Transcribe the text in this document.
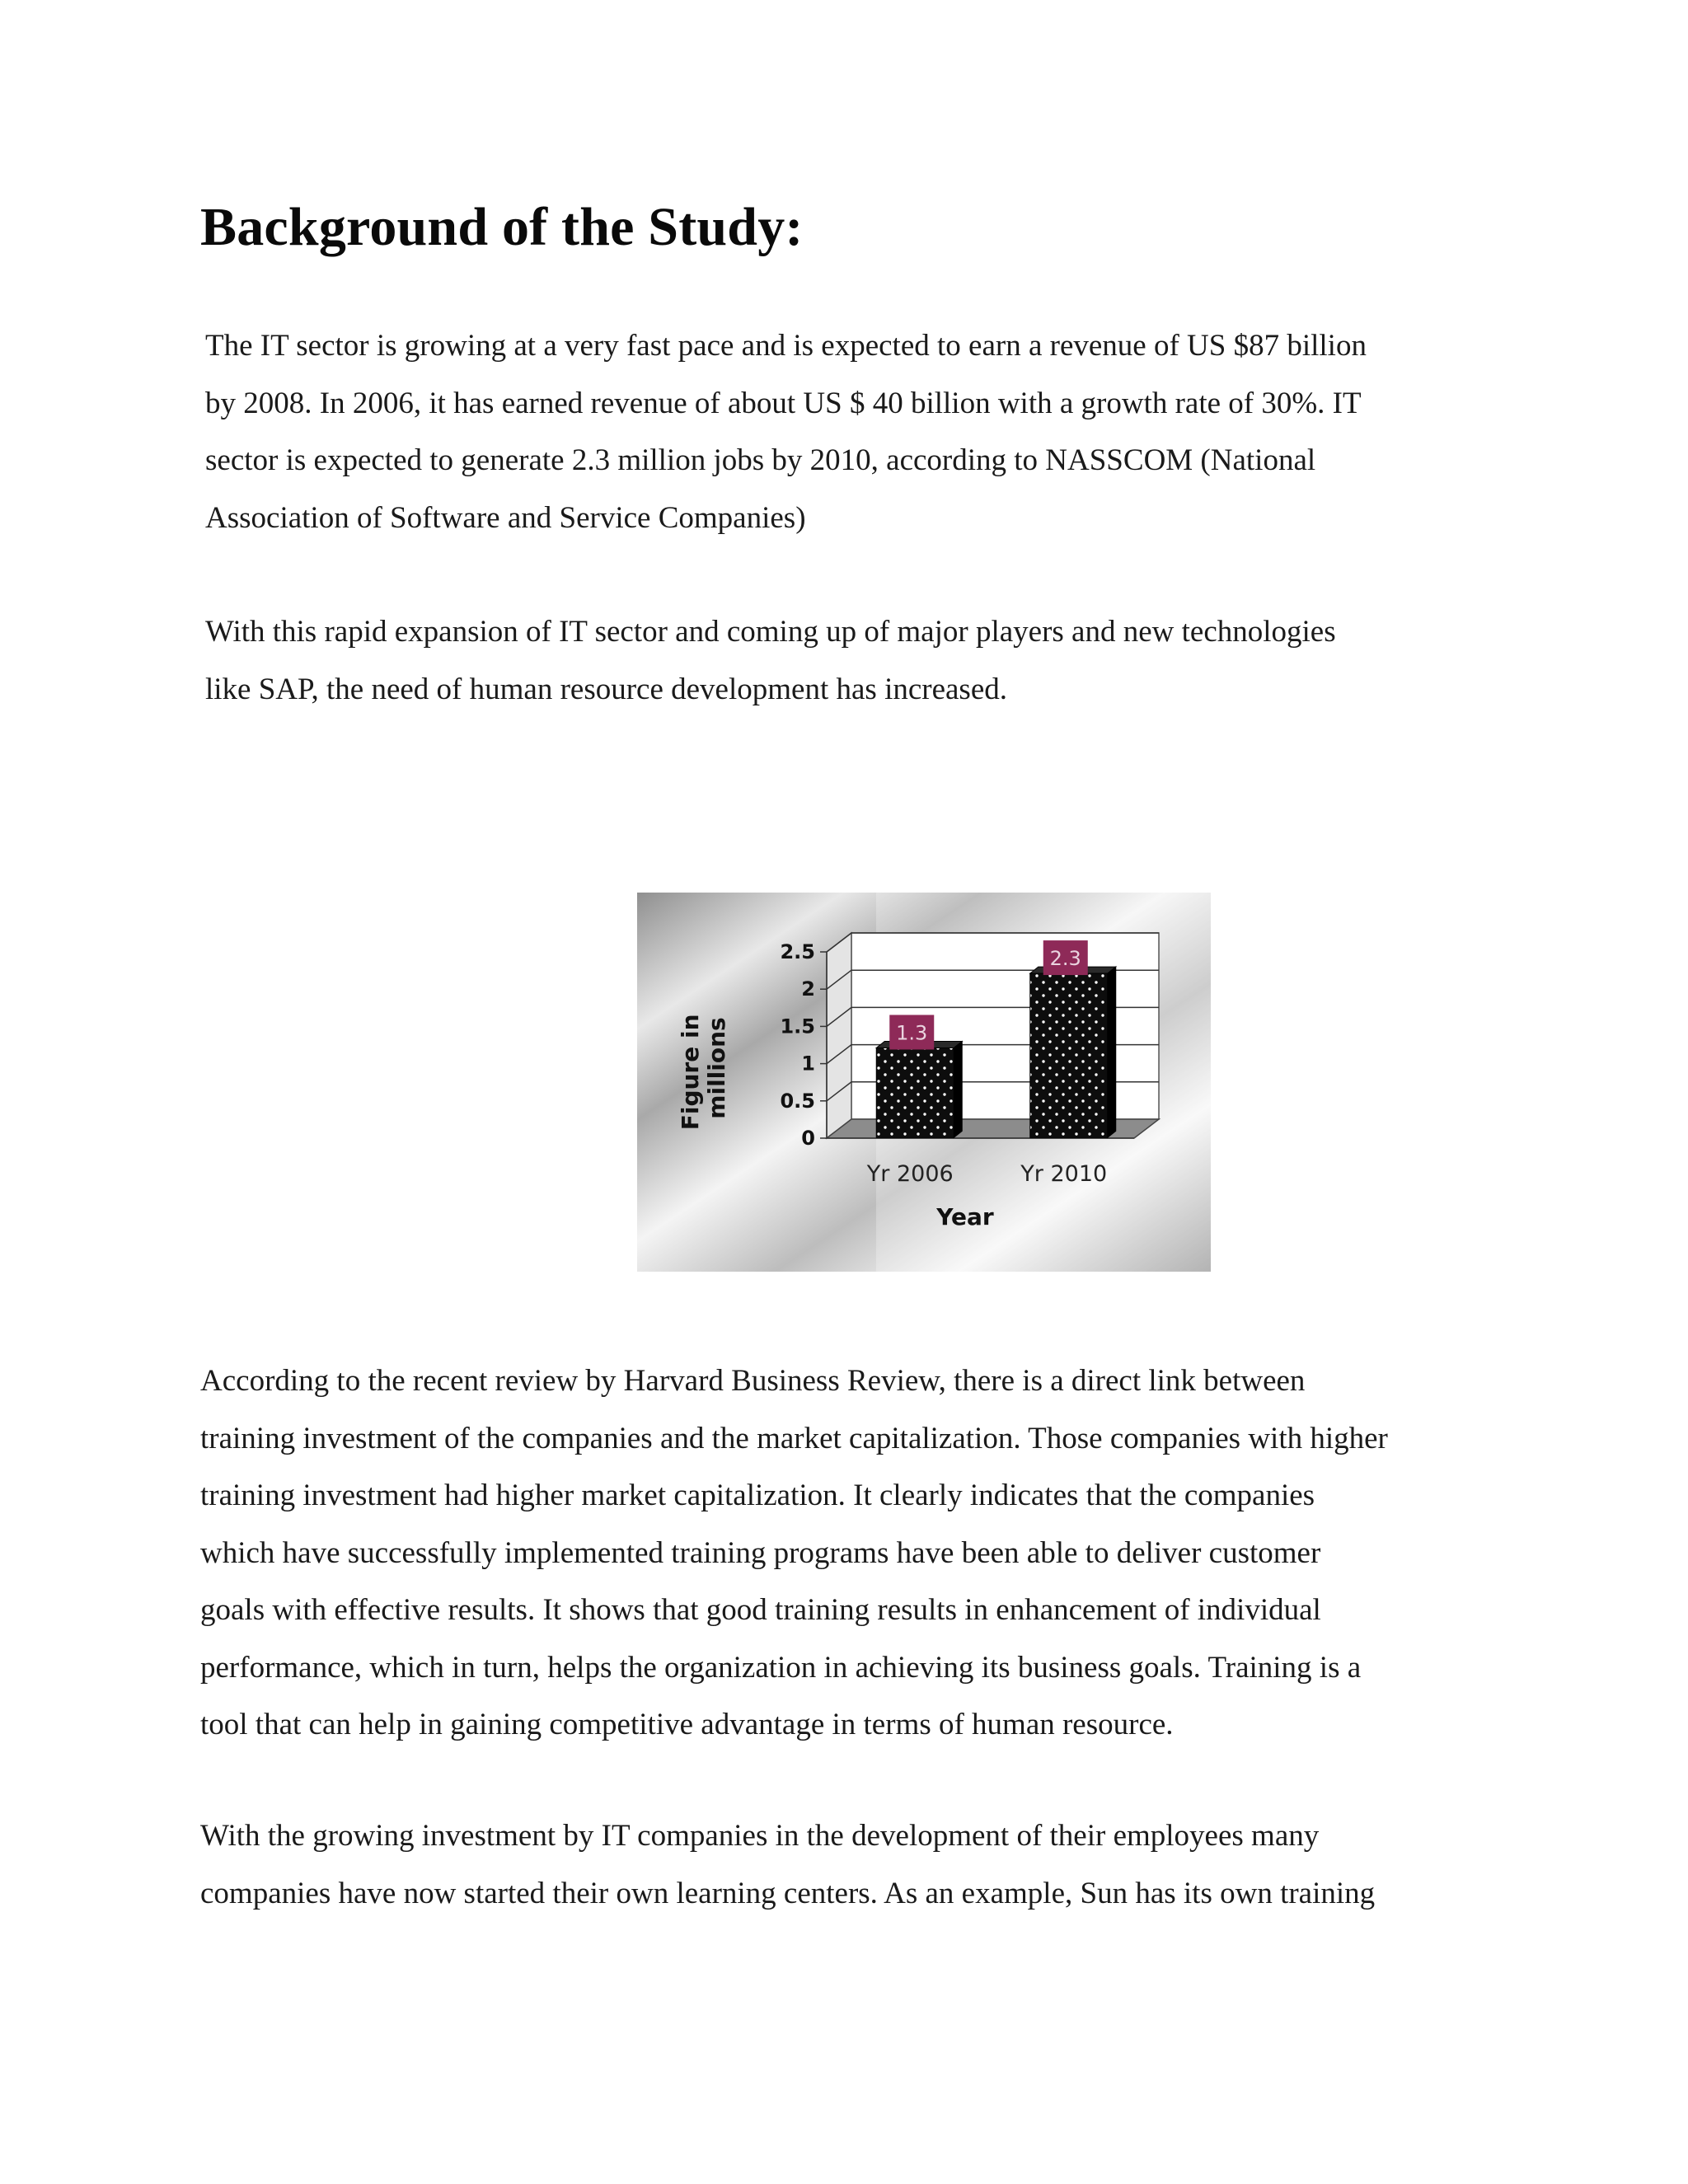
Background of the Study:
The IT sector is growing at a very fast pace and is expected to earn a revenue of US $87 billion
by 2008. In 2006, it has earned revenue of about US $ 40 billion with a growth rate of 30%. IT
sector is expected to generate 2.3 million jobs by 2010, according to NASSCOM (National
Association of Software and Service Companies)
With this rapid expansion of IT sector and coming up of major players and new technologies
like SAP, the need of human resource development has increased.
0
0.5
1
1.5
2
2.5
1.3
Yr 2006
2.3
Yr 2010
Figure in millions
Year
According to the recent review by Harvard Business Review, there is a direct link between
training investment of the companies and the market capitalization. Those companies with higher
training investment had higher market capitalization. It clearly indicates that the companies
which have successfully implemented training programs have been able to deliver customer
goals with effective results. It shows that good training results in enhancement of individual
performance, which in turn, helps the organization in achieving its business goals. Training is a
tool that can help in gaining competitive advantage in terms of human resource.
With the growing investment by IT companies in the development of their employees many
companies have now started their own learning centers. As an example, Sun has its own training
